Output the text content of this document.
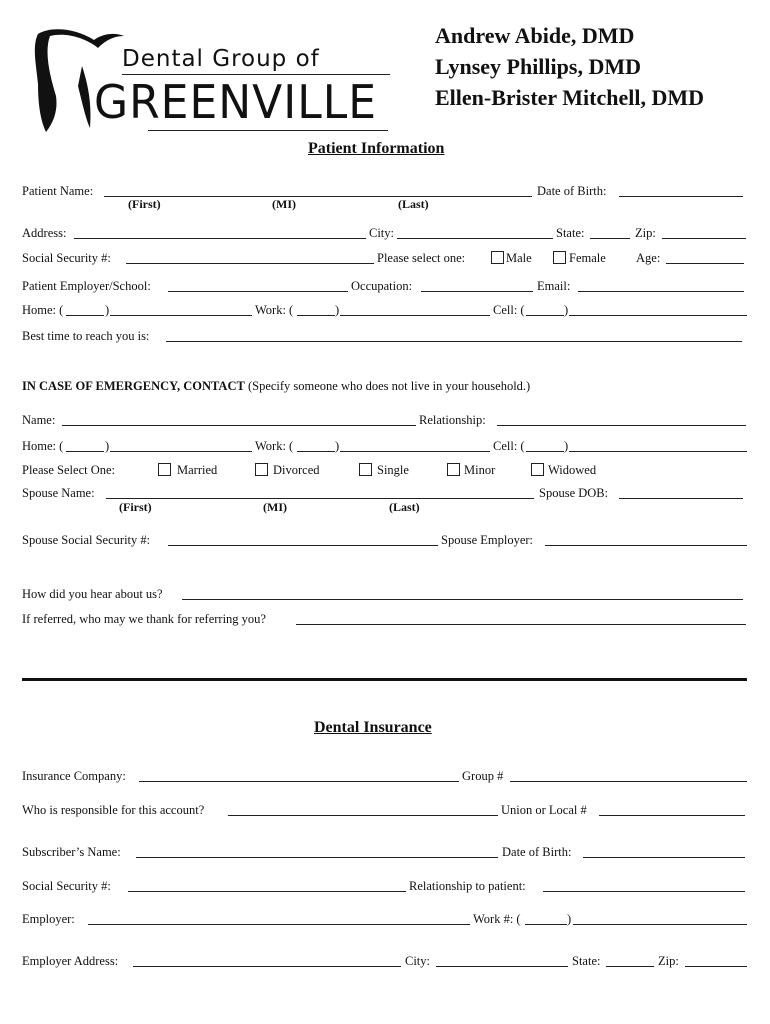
Dental Group of
GREENVILLE
Andrew Abide, DMD
Lynsey Phillips, DMD
Ellen-Brister Mitchell, DMD
Patient Information
Patient Name:
(First)	(MI)	(Last)
Date of Birth:
Address:	City:	State:	Zip:
Social Security #:	Please select one:	Male	Female Age:
Patient Employer/School:	Occupation:	Email:
Home: (	)	Work: (	)	Cell: (	)
Best time to reach you is:
IN CASE OF EMERGENCY, CONTACT (Specify someone who does not live in your household.)
Name:	Relationship:
Home: (	)	Work: (	)	Cell: (	)
Please Select One:	Married	Divorced	Single	Minor	Widowed
Spouse Name:
(First)	(MI)	(Last)
Spouse DOB:
Spouse Social Security #:	Spouse Employer:
How did you hear about us?
If referred, who may we thank for referring you?
Dental Insurance
Insurance Company:	Group #
Who is responsible for this account?	Union or Local #
Subscriber’s Name:	Date of Birth:
Social Security #:	Relationship to patient:
Employer:	Work #: (	)
Employer Address:	City:	State:	Zip:
